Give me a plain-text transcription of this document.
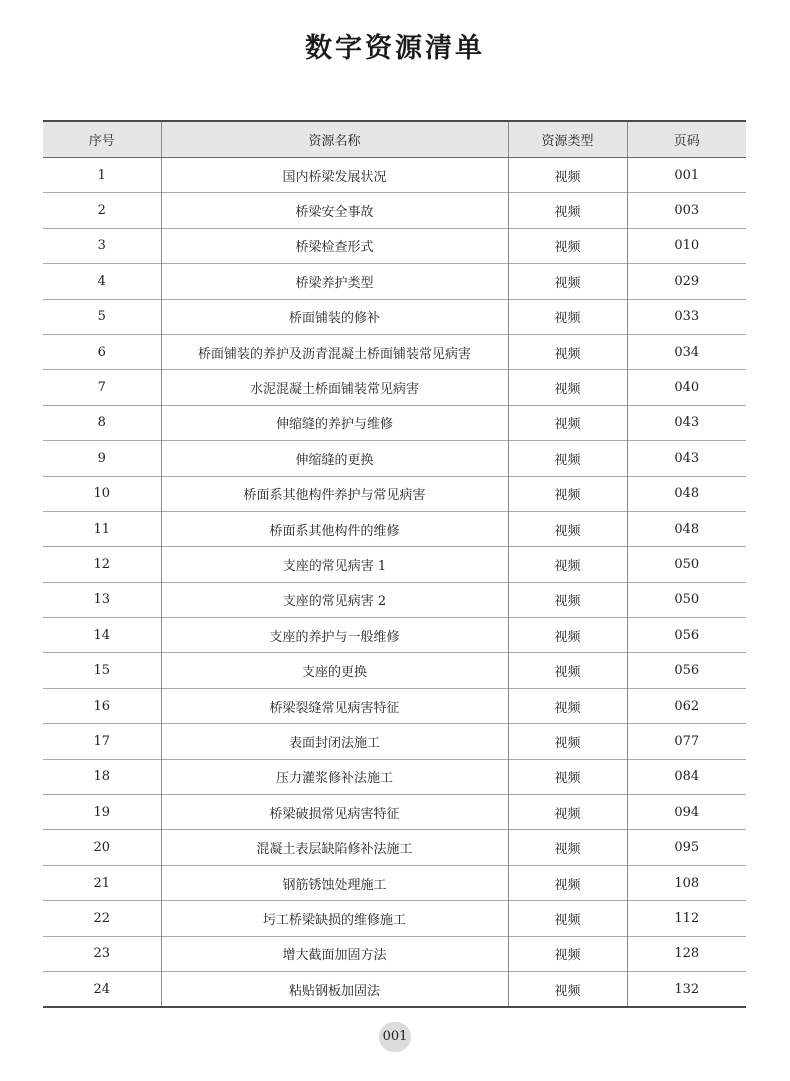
数字资源清单
序号	资源名称	资源类型	页码
1	国内桥梁发展状况	视频	001
2	桥梁安全事故	视频	003
3	桥梁检查形式	视频	010
4	桥梁养护类型	视频	029
5	桥面铺装的修补	视频	033
6	桥面铺装的养护及沥青混凝土桥面铺装常见病害	视频	034
7	水泥混凝土桥面铺装常见病害	视频	040
8	伸缩缝的养护与维修	视频	043
9	伸缩缝的更换	视频	043
10	桥面系其他构件养护与常见病害	视频	048
11	桥面系其他构件的维修	视频	048
12	支座的常见病害 1	视频	050
13	支座的常见病害 2	视频	050
14	支座的养护与一般维修	视频	056
15	支座的更换	视频	056
16	桥梁裂缝常见病害特征	视频	062
17	表面封闭法施工	视频	077
18	压力灌浆修补法施工	视频	084
19	桥梁破损常见病害特征	视频	094
20	混凝土表层缺陷修补法施工	视频	095
21	钢筋锈蚀处理施工	视频	108
22	圬工桥梁缺损的维修施工	视频	112
23	增大截面加固方法	视频	128
24	粘贴钢板加固法	视频	132
001
